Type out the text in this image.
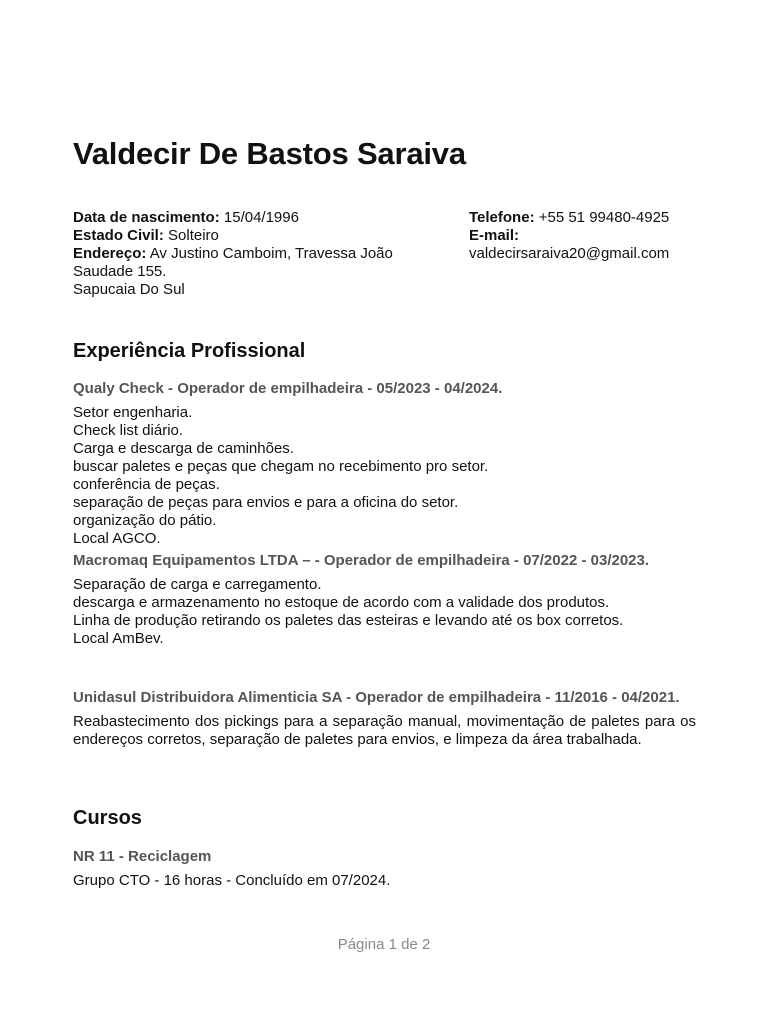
Valdecir De Bastos Saraiva
Data de nascimento: 15/04/1996
Estado Civil: Solteiro
Endereço: Av Justino Camboim, Travessa João Saudade 155.
Sapucaia Do Sul
Telefone: +55 51 99480-4925
E-mail:
valdecirsaraiva20@gmail.com
Experiência Profissional
Qualy Check - Operador de empilhadeira - 05/2023 - 04/2024.
Setor engenharia.
Check list diário.
Carga e descarga de caminhões.
buscar paletes e peças que chegam no recebimento pro setor.
conferência de peças.
separação de peças para envios e para a oficina do setor.
organização do pátio.
Local AGCO.
Macromaq Equipamentos LTDA – - Operador de empilhadeira - 07/2022 - 03/2023.
Separação de carga e carregamento.
descarga e armazenamento no estoque de acordo com a validade dos produtos.
Linha de produção retirando os paletes das esteiras e levando até os box corretos.
Local AmBev.
Unidasul Distribuidora Alimenticia SA - Operador de empilhadeira - 11/2016 - 04/2021.
Reabastecimento dos pickings para a separação manual, movimentação de paletes para os endereços corretos, separação de paletes para envios, e limpeza da área trabalhada.
Cursos
NR 11 - Reciclagem
Grupo CTO - 16 horas - Concluído em 07/2024.
Página 1 de 2
